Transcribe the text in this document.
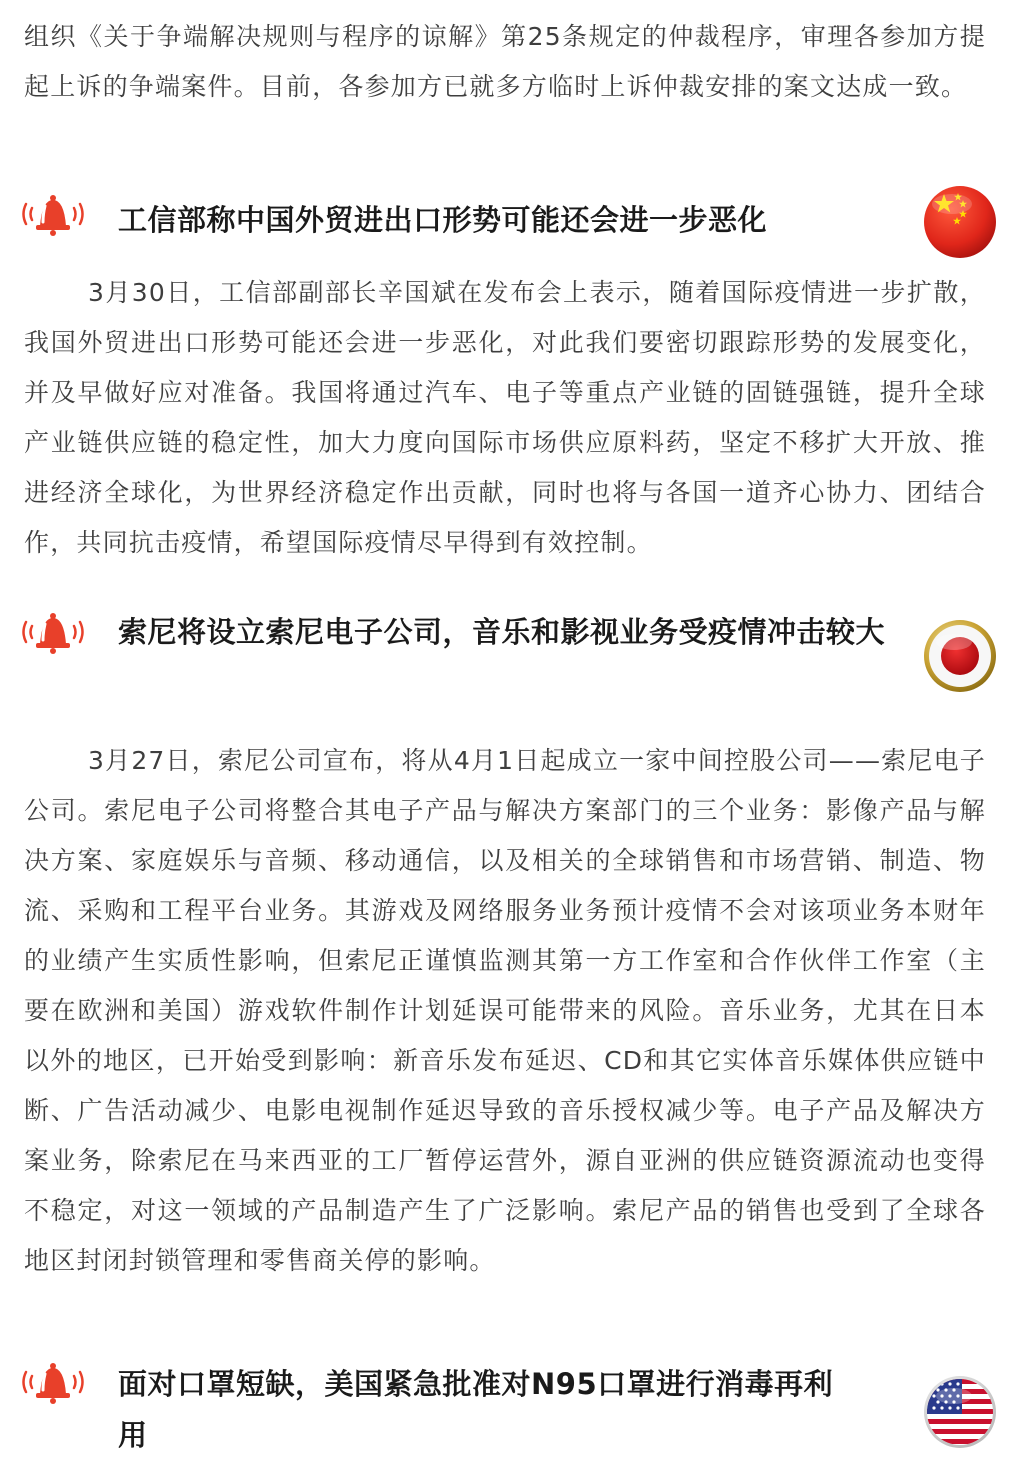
组织《关于争端解决规则与程序的谅解》第25条规定的仲裁程序，审理各参加方提起上诉的争端案件。目前，各参加方已就多方临时上诉仲裁安排的案文达成一致。
工信部称中国外贸进出口形势可能还会进一步恶化
3月30日，工信部副部长辛国斌在发布会上表示，随着国际疫情进一步扩散，我国外贸进出口形势可能还会进一步恶化，对此我们要密切跟踪形势的发展变化，并及早做好应对准备。我国将通过汽车、电子等重点产业链的固链强链，提升全球产业链供应链的稳定性，加大力度向国际市场供应原料药，坚定不移扩大开放、推进经济全球化，为世界经济稳定作出贡献，同时也将与各国一道齐心协力、团结合作，共同抗击疫情，希望国际疫情尽早得到有效控制。
索尼将设立索尼电子公司，音乐和影视业务受疫情冲击较大
3月27日，索尼公司宣布，将从4月1日起成立一家中间控股公司——索尼电子公司。索尼电子公司将整合其电子产品与解决方案部门的三个业务：影像产品与解决方案、家庭娱乐与音频、移动通信，以及相关的全球销售和市场营销、制造、物流、采购和工程平台业务。其游戏及网络服务业务预计疫情不会对该项业务本财年的业绩产生实质性影响，但索尼正谨慎监测其第一方工作室和合作伙伴工作室（主要在欧洲和美国）游戏软件制作计划延误可能带来的风险。音乐业务，尤其在日本以外的地区，已开始受到影响：新音乐发布延迟、CD和其它实体音乐媒体供应链中断、广告活动减少、电影电视制作延迟导致的音乐授权减少等。电子产品及解决方案业务，除索尼在马来西亚的工厂暂停运营外，源自亚洲的供应链资源流动也变得不稳定，对这一领域的产品制造产生了广泛影响。索尼产品的销售也受到了全球各地区封闭封锁管理和零售商关停的影响。
面对口罩短缺，美国紧急批准对N95口罩进行消毒再利用
